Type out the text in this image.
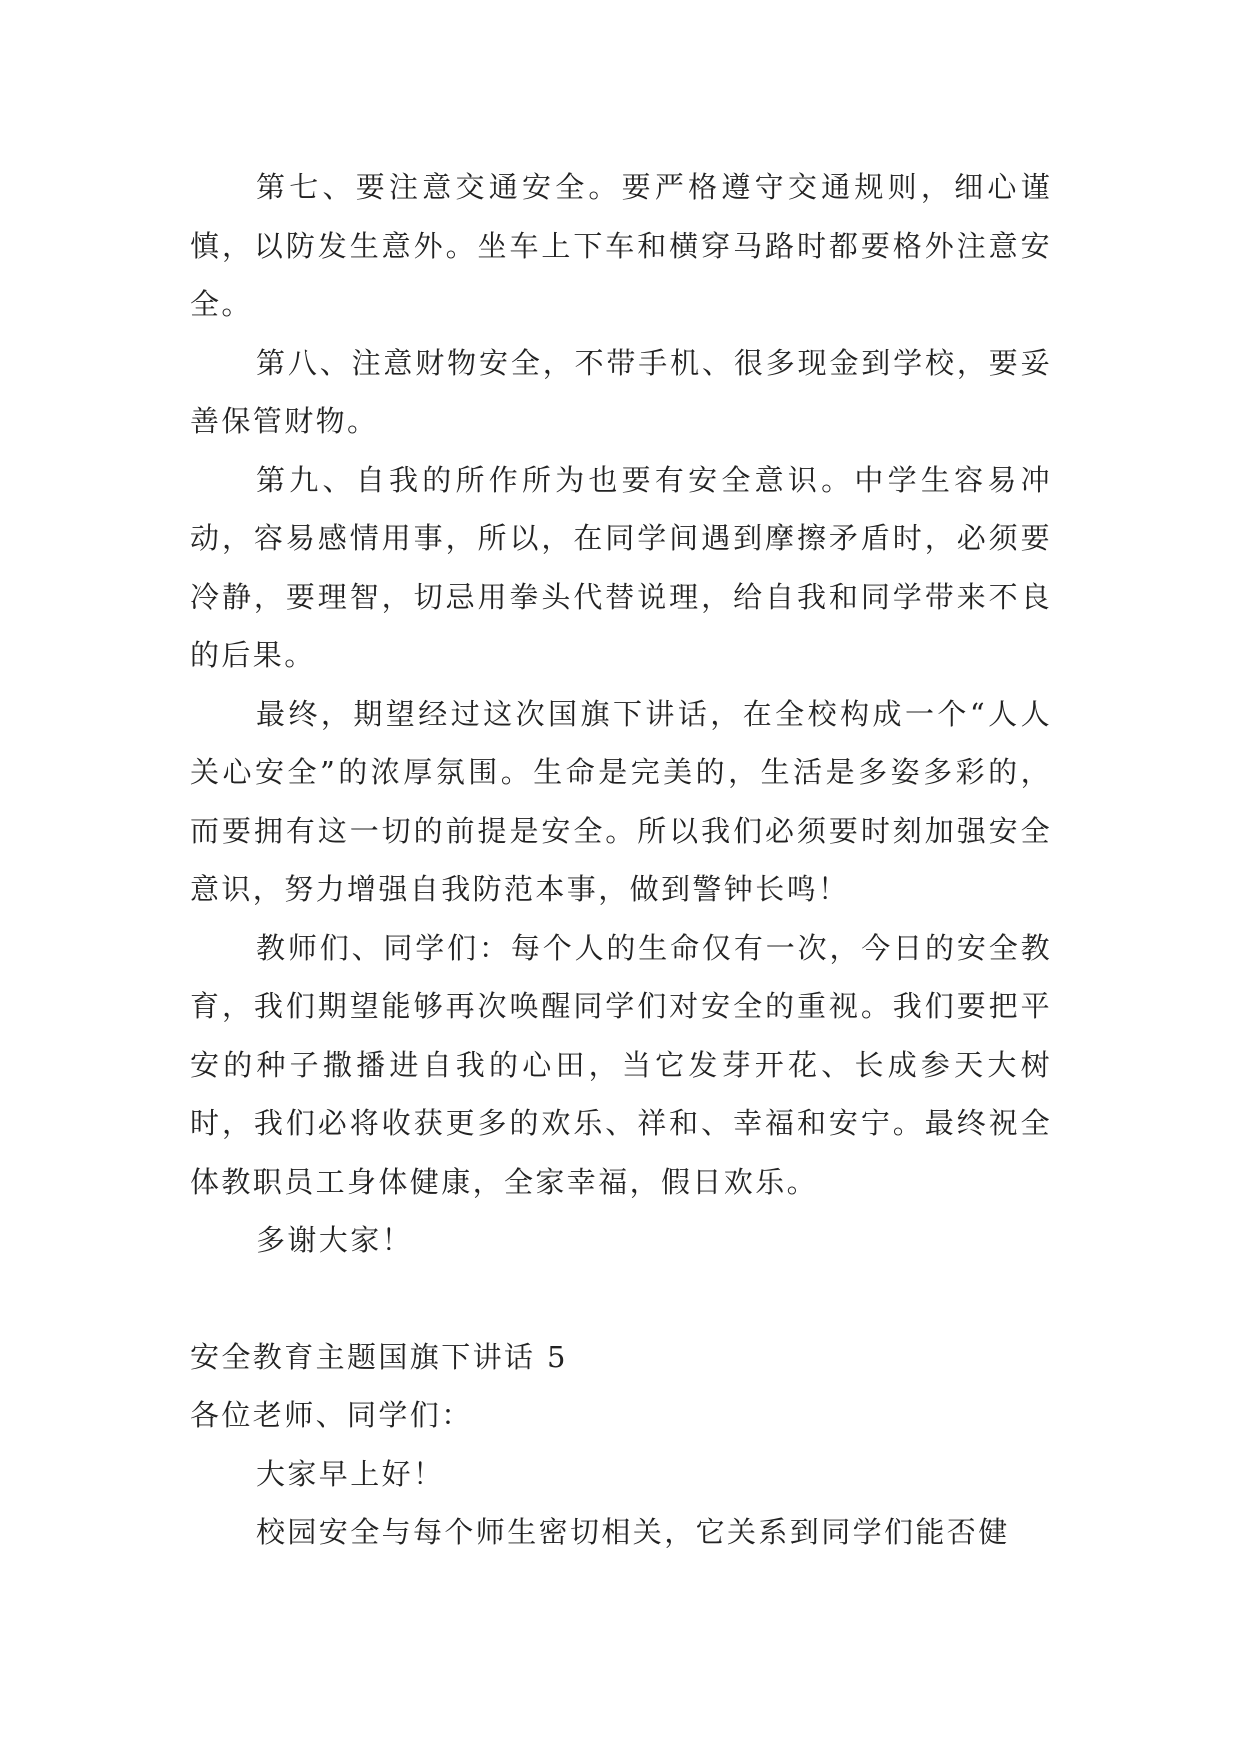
第七、要注意交通安全。要严格遵守交通规则，细心谨慎，以防发生意外。坐车上下车和横穿马路时都要格外注意安全。

第八、注意财物安全，不带手机、很多现金到学校，要妥善保管财物。

第九、自我的所作所为也要有安全意识。中学生容易冲动，容易感情用事，所以，在同学间遇到摩擦矛盾时，必须要冷静，要理智，切忌用拳头代替说理，给自我和同学带来不良的后果。

最终，期望经过这次国旗下讲话，在全校构成一个“人人关心安全”的浓厚氛围。生命是完美的，生活是多姿多彩的，而要拥有这一切的前提是安全。所以我们必须要时刻加强安全意识，努力增强自我防范本事，做到警钟长鸣！

教师们、同学们：每个人的生命仅有一次，今日的安全教育，我们期望能够再次唤醒同学们对安全的重视。我们要把平安的种子撒播进自我的心田，当它发芽开花、长成参天大树时，我们必将收获更多的欢乐、祥和、幸福和安宁。最终祝全体教职员工身体健康，全家幸福，假日欢乐。

多谢大家！

安全教育主题国旗下讲话 5

各位老师、同学们：

大家早上好！

校园安全与每个师生密切相关，它关系到同学们能否健
